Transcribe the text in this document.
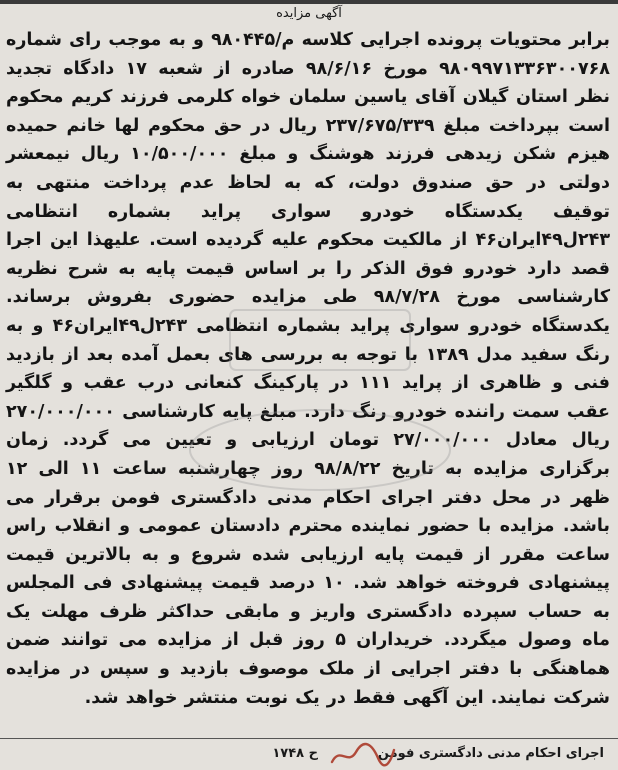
آگهی مزایده

برابر محتویات پرونده اجرایی کلاسه م/۹۸۰۴۴۵ و به موجب رای شماره ۹۸۰۹۹۷۱۳۳۶۳۰۰۷۶۸ مورخ ۹۸/۶/۱۶ صادره از شعبه ۱۷ دادگاه تجدید نظر استان گیلان آقای یاسین سلمان خواه کلرمی فرزند کریم محکوم است بپرداخت مبلغ ۲۳۷/۶۷۵/۳۳۹ ریال در حق محکوم لها خانم حمیده هیزم شکن زیدهی فرزند هوشنگ و مبلغ ۱۰/۵۰۰/۰۰۰ ریال نیمعشر دولتی در حق صندوق دولت، که به لحاظ عدم پرداخت منتهی به توقیف یکدستگاه خودرو سواری پراید بشماره انتظامی ۲۴۳ل۴۹ایران۴۶ از مالکیت محکوم علیه گردیده است. علیهذا این اجرا قصد دارد خودرو فوق الذکر را بر اساس قیمت پایه به شرح نظریه کارشناسی مورخ ۹۸/۷/۲۸ طی مزایده حضوری بفروش برساند. یکدستگاه خودرو سواری پراید بشماره انتظامی ۲۴۳ل۴۹ایران۴۶ و به رنگ سفید مدل ۱۳۸۹ با توجه به بررسی های بعمل آمده بعد از بازدید فنی و ظاهری از پراید ۱۱۱ در پارکینگ کنعانی درب عقب و گلگیر عقب سمت راننده خودرو رنگ دارد. مبلغ پایه کارشناسی ۲۷۰/۰۰۰/۰۰۰ ریال معادل ۲۷/۰۰۰/۰۰۰ تومان ارزیابی و تعیین می گردد. زمان برگزاری مزایده به تاریخ ۹۸/۸/۲۲ روز چهارشنبه ساعت ۱۱ الی ۱۲ ظهر در محل دفتر اجرای احکام مدنی دادگستری فومن برقرار می باشد. مزایده با حضور نماینده محترم دادستان عمومی و انقلاب راس ساعت مقرر از قیمت پایه ارزیابی شده شروع و به بالاترین قیمت پیشنهادی فروخته خواهد شد. ۱۰ درصد قیمت پیشنهادی فی المجلس به حساب سپرده دادگستری واریز و مابقی حداکثر ظرف مهلت یک ماه وصول میگردد. خریداران ۵ روز قبل از مزایده می توانند ضمن هماهنگی با دفتر اجرایی از ملک موصوف بازدید و سپس در مزایده شرکت نمایند. این آگهی فقط در یک نوبت منتشر خواهد شد.

ح ۱۷۴۸	اجرای احکام مدنی دادگستری فومن
